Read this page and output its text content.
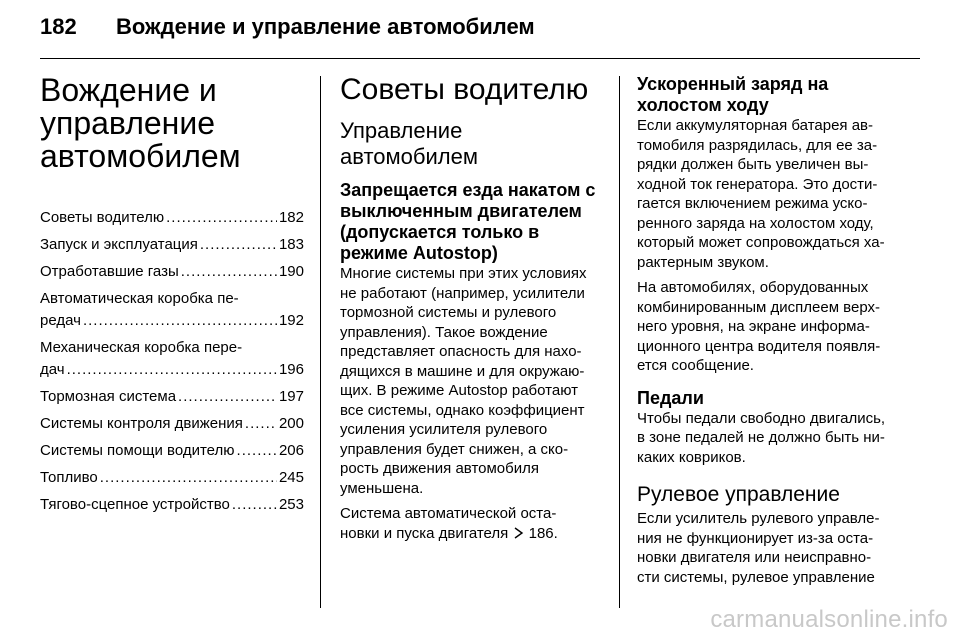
182 Вождение и управление автомобилем
Вождение и
управление
автомобилем
Советы водителю .....	182
Запуск и эксплуатация .....	183
Отработавшие газы .....	190
Автоматическая коробка пе-
редач .....	192
Механическая коробка пере-
дач .....	196
Тормозная система .....	197
Системы контроля движения ..... 200
Системы помощи водителю .....	206
Топливо .....	245
Тягово-сцепное устройство .....	253
Советы водителю
Управление
автомобилем
Запрещается езда накатом с
выключенным двигателем
(допускается только в
режиме Autostop)

Многие системы при этих условиях
не работают (например, усилители
тормозной системы и рулевого
управления). Такое вождение
представляет опасность для нахо-
дящихся в машине и для окружаю-
щих. В режиме Autostop работают
все системы, однако коэффициент
усиления усилителя рулевого
управления будет снижен, а ско-
рость движения автомобиля
уменьшена.

Система автоматической оста-
новки и пуска двигателя 186.

Ускоренный заряд на
холостом ходу

Если аккумуляторная батарея ав-
томобиля разрядилась, для ее за-
рядки должен быть увеличен вы-
ходной ток генератора. Это дости-
гается включением режима уско-
ренного заряда на холостом ходу,
который может сопровождаться ха-
рактерным звуком.

На автомобилях, оборудованных
комбинированным дисплеем верх-
него уровня, на экране информа-
ционного центра водителя появля-
ется сообщение.

Педали

Чтобы педали свободно двигались,
в зоне педалей не должно быть ни-
каких ковриков.

Рулевое управление

Если усилитель рулевого управле-
ния не функционирует из-за оста-
новки двигателя или неисправно-
сти системы, рулевое управление

carmanualsonline.info
